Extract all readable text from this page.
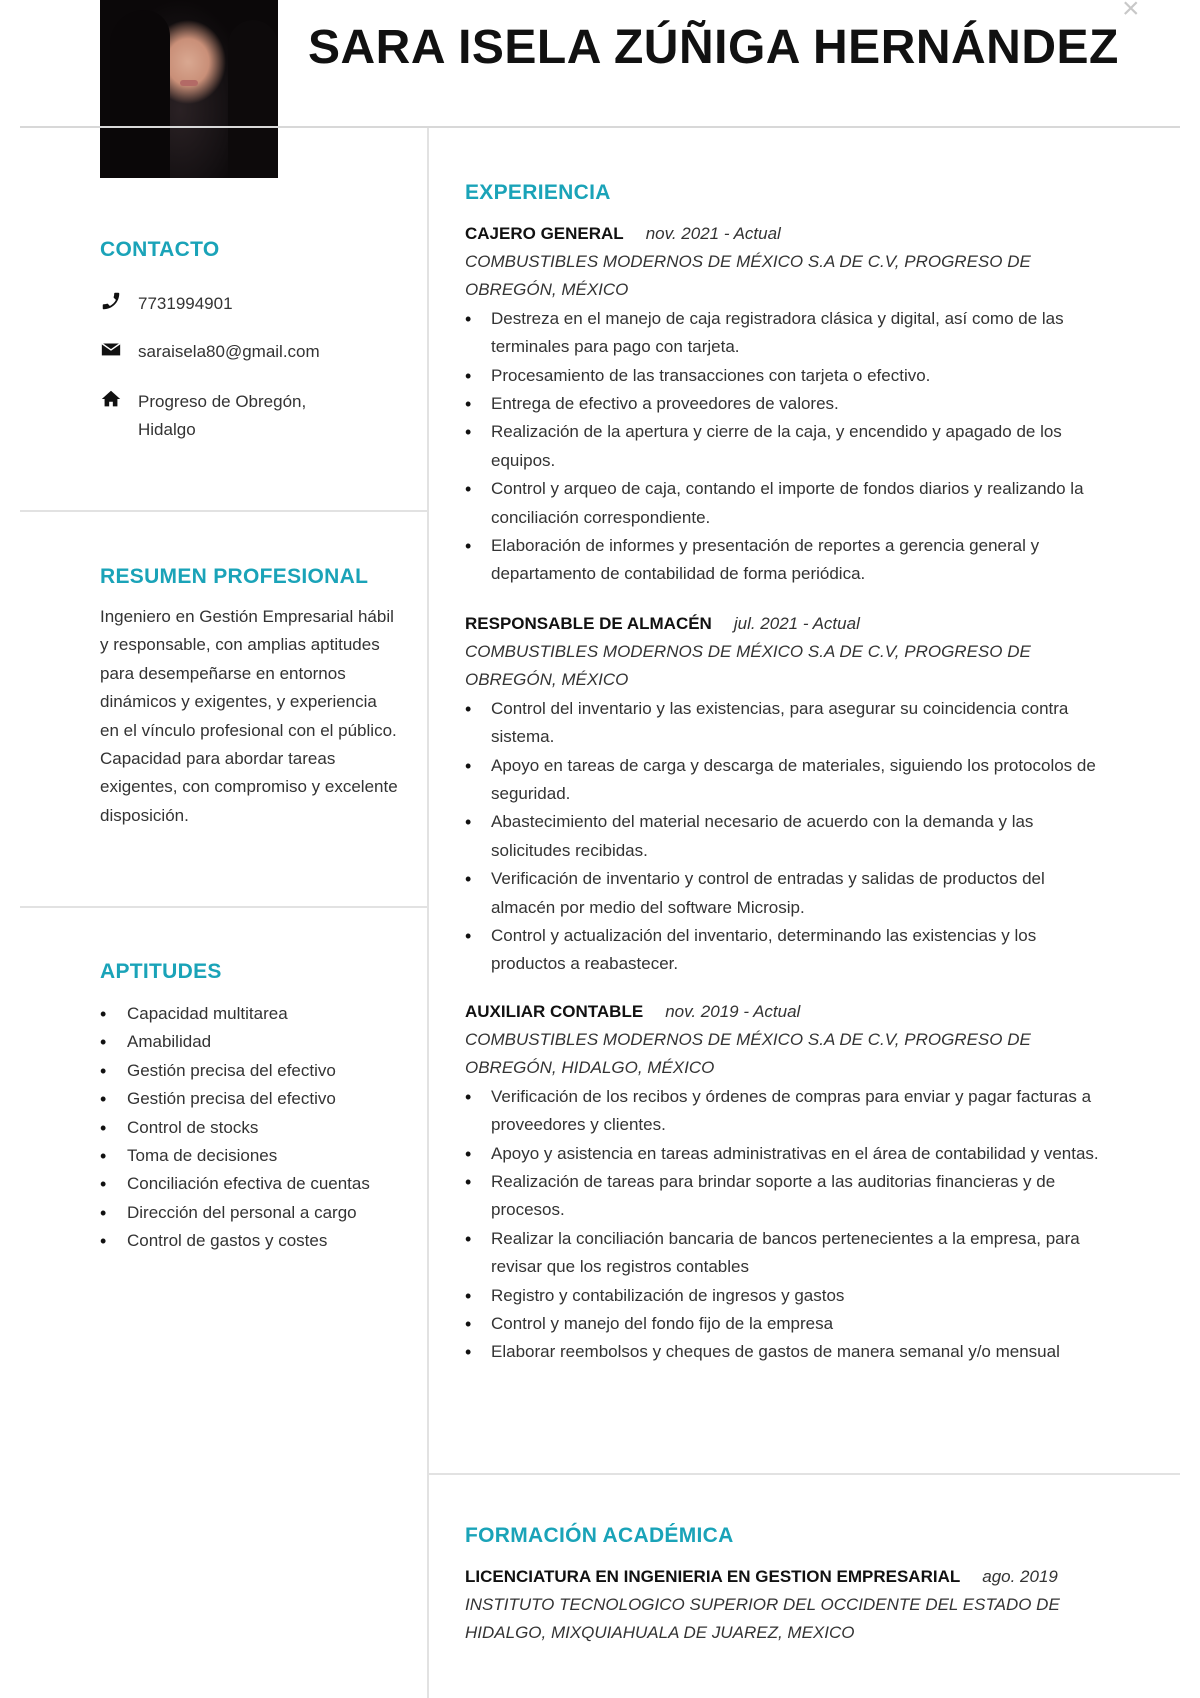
×
SARA ISELA ZÚÑIGA HERNÁNDEZ
CONTACTO
7731994901
saraisela80@gmail.com
Progreso de Obregón,
Hidalgo
RESUMEN PROFESIONAL
Ingeniero en Gestión Empresarial hábil y responsable, con amplias aptitudes para desempeñarse en entornos dinámicos y exigentes, y experiencia en el vínculo profesional con el público. Capacidad para abordar tareas exigentes, con compromiso y excelente disposición.
APTITUDES
• Capacidad multitarea
• Amabilidad
• Gestión precisa del efectivo
• Gestión precisa del efectivo
• Control de stocks
• Toma de decisiones
• Conciliación efectiva de cuentas
• Dirección del personal a cargo
• Control de gastos y costes
EXPERIENCIA
CAJERO GENERAL nov. 2021 - Actual
COMBUSTIBLES MODERNOS DE MÉXICO S.A DE C.V, PROGRESO DE OBREGÓN, MÉXICO
• Destreza en el manejo de caja registradora clásica y digital, así como de las terminales para pago con tarjeta.
• Procesamiento de las transacciones con tarjeta o efectivo.
• Entrega de efectivo a proveedores de valores.
• Realización de la apertura y cierre de la caja, y encendido y apagado de los equipos.
• Control y arqueo de caja, contando el importe de fondos diarios y realizando la conciliación correspondiente.
• Elaboración de informes y presentación de reportes a gerencia general y departamento de contabilidad de forma periódica.
RESPONSABLE DE ALMACÉN jul. 2021 - Actual
COMBUSTIBLES MODERNOS DE MÉXICO S.A DE C.V, PROGRESO DE OBREGÓN, MÉXICO
• Control del inventario y las existencias, para asegurar su coincidencia contra sistema.
• Apoyo en tareas de carga y descarga de materiales, siguiendo los protocolos de seguridad.
• Abastecimiento del material necesario de acuerdo con la demanda y las solicitudes recibidas.
• Verificación de inventario y control de entradas y salidas de productos del almacén por medio del software Microsip.
• Control y actualización del inventario, determinando las existencias y los productos a reabastecer.
AUXILIAR CONTABLE nov. 2019 - Actual
COMBUSTIBLES MODERNOS DE MÉXICO S.A DE C.V, PROGRESO DE OBREGÓN, HIDALGO, MÉXICO
• Verificación de los recibos y órdenes de compras para enviar y pagar facturas a proveedores y clientes.
• Apoyo y asistencia en tareas administrativas en el área de contabilidad y ventas.
• Realización de tareas para brindar soporte a las auditorias financieras y de procesos.
• Realizar la conciliación bancaria de bancos pertenecientes a la empresa, para revisar que los registros contables
• Registro y contabilización de ingresos y gastos
• Control y manejo del fondo fijo de la empresa
• Elaborar reembolsos y cheques de gastos de manera semanal y/o mensual
FORMACIÓN ACADÉMICA
LICENCIATURA EN INGENIERIA EN GESTION EMPRESARIAL ago. 2019
INSTITUTO TECNOLOGICO SUPERIOR DEL OCCIDENTE DEL ESTADO DE HIDALGO, MIXQUIAHUALA DE JUAREZ, MEXICO
